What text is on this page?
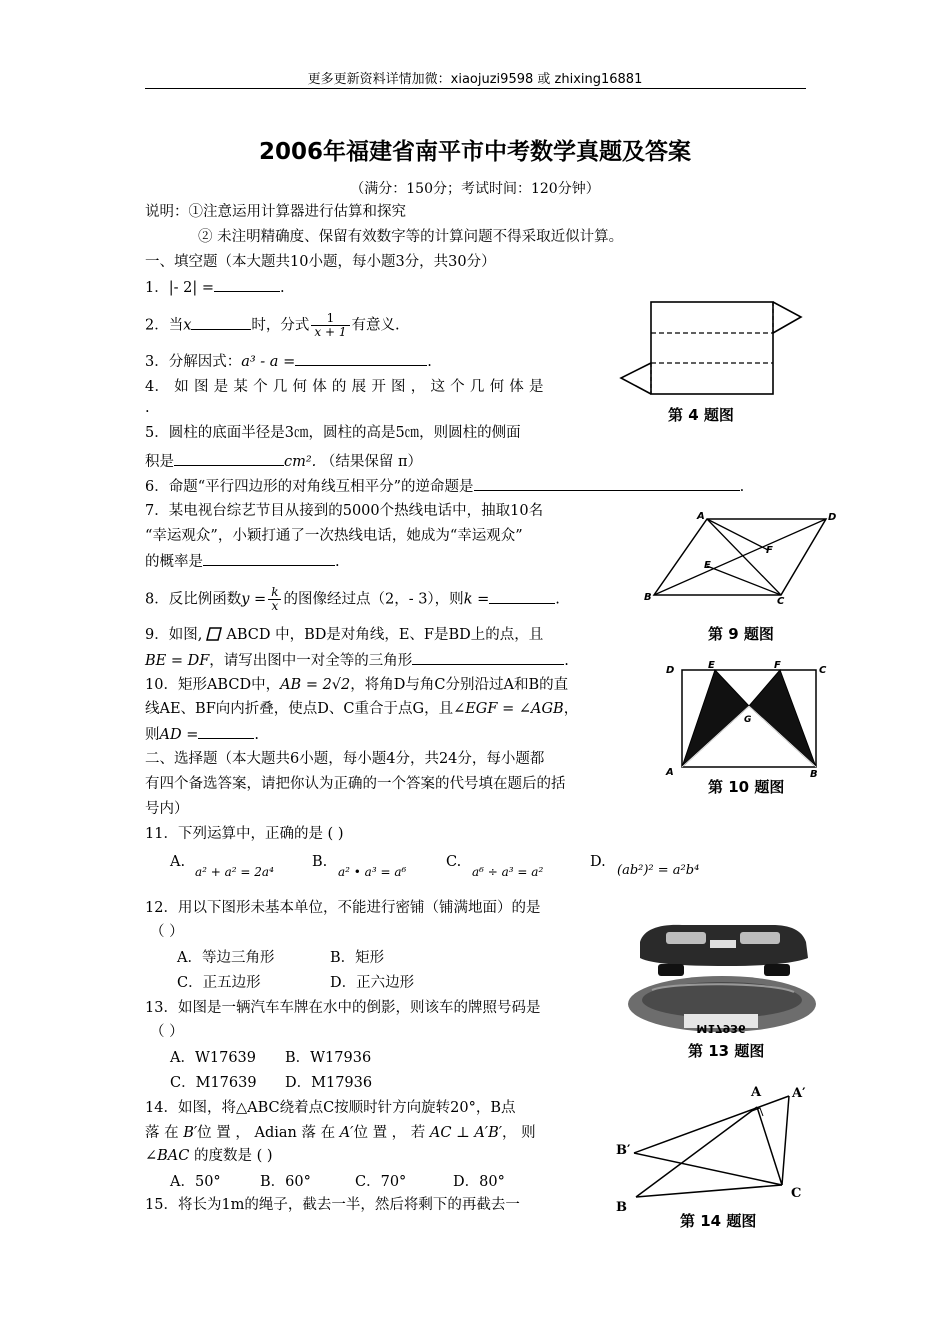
更多更新资料详情加微：xiaojuzi9598 或 zhixing16881
2006年福建省南平市中考数学真题及答案
（满分：150分；考试时间：120分钟）
说明：①注意运用计算器进行估算和探究
② 未注明精确度、保留有效数字等的计算问题不得采取近似计算。
一、填空题（本大题共10小题，每小题3分，共30分）
1．|- 2| =	.
2．当x	时，分式 $\frac{1}{x + 1}$ 有意义.
3．分解因式：a³ - a =	.
4． 如 图 是 某 个 几 何 体 的 展 开 图 ， 这 个 几 何 体 是
.
5．圆柱的底面半径是3㎝，圆柱的高是5㎝，则圆柱的侧面
积是	cm². （结果保留 π）
6．命题“平行四边形的对角线互相平分”的逆命题是	.
7．某电视台综艺节目从接到的5000个热线电话中，抽取10名
“幸运观众”，小颖打通了一次热线电话，她成为“幸运观众”
的概率是	.
8．反比例函数$y = \frac{k}{x}$ 的图像经过点（2，- 3），则k =	.
9．如图, ABCD 中，BD是对角线，E、F是BD上的点，且
BE = DF，请写出图中一对全等的三角形	.
10．矩形ABCD中，AB = 2√2，将角D与角C分别沿过A和B的直
线AE、BF向内折叠，使点D、C重合于点G，且∠EGF = ∠AGB，
则AD =	.
二、选择题（本大题共6小题，每小题4分，共24分，每小题都
有四个备选答案，请把你认为正确的一个答案的代号填在题后的括
号内）
11．下列运算中，正确的是 ( )
A.
a² + a² = 2a⁴
B.
a² • a³ = a⁶
C.
a⁶ ÷ a³ = a²
D.
(ab²)² = a²b⁴
12．用以下图形未基本单位，不能进行密铺（铺满地面）的是
（ ）
A．等边三角形	B．矩形
C．正五边形	D．正六边形
13．如图是一辆汽车车牌在水中的倒影，则该车的牌照号码是
（ ）
A．W17639 B．W17936
C．M17639 D．M17936
14．如图，将△ABC绕着点C按顺时针方向旋转20°，B点
落 在 B′位 置 ， Adian 落 在 A′位 置 ， 若 AC ⊥ A′B′， 则
∠BAC 的度数是 ( )
A．50°	B．60°	C．70°	D．80°
15．将长为1m的绳子，截去一半，然后将剩下的再截去一
第 4 题图
A	D
E
F
B	C
第 9 题图
D	E	F	C
G
A	B
第 10 题图
M17936
第 13 题图
A A′
B′
C
B
第 14 题图
